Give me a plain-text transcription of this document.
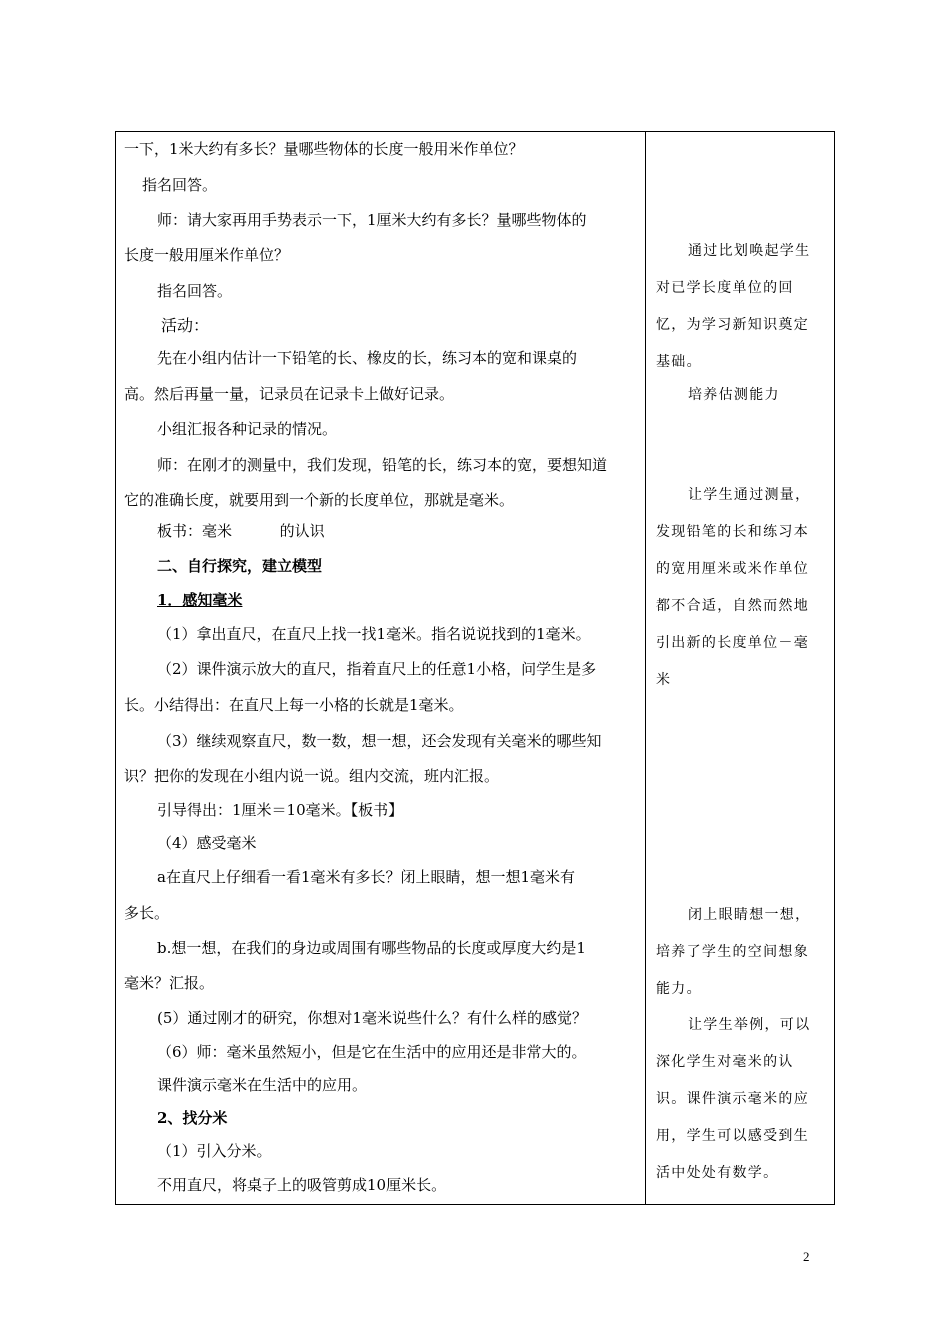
一下，1米大约有多长？量哪些物体的长度一般用米作单位？
指名回答。
师：请大家再用手势表示一下，1厘米大约有多长？量哪些物体的
长度一般用厘米作单位？
指名回答。
活动：
先在小组内估计一下铅笔的长、橡皮的长，练习本的宽和课桌的
高。然后再量一量，记录员在记录卡上做好记录。
小组汇报各种记录的情况。
师：在刚才的测量中，我们发现，铅笔的长，练习本的宽，要想知道
它的准确长度，就要用到一个新的长度单位，那就是毫米。
板书：毫米          的认识
二、自行探究，建立模型
1．感知毫米
（1）拿出直尺，在直尺上找一找1毫米。指名说说找到的1毫米。
（2）课件演示放大的直尺，指着直尺上的任意1小格，问学生是多
长。小结得出：在直尺上每一小格的长就是1毫米。
（3）继续观察直尺，数一数，想一想，还会发现有关毫米的哪些知
识？把你的发现在小组内说一说。组内交流，班内汇报。
引导得出：1厘米＝10毫米。【板书】
（4）感受毫米
a在直尺上仔细看一看1毫米有多长？闭上眼睛，想一想1毫米有
多长。
b.想一想，在我们的身边或周围有哪些物品的长度或厚度大约是1
毫米？汇报。
(5）通过刚才的研究，你想对1毫米说些什么？有什么样的感觉？
（6）师：毫米虽然短小，但是它在生活中的应用还是非常大的。
课件演示毫米在生活中的应用。
2、找分米
（1）引入分米。
不用直尺，将桌子上的吸管剪成10厘米长。
通过比划唤起学生
对已学长度单位的回
忆，为学习新知识奠定
基础。
培养估测能力
让学生通过测量，
发现铅笔的长和练习本
的宽用厘米或米作单位
都不合适，自然而然地
引出新的长度单位－毫
米
闭上眼睛想一想，
培养了学生的空间想象
能力。
让学生举例，可以
深化学生对毫米的认
识。课件演示毫米的应
用，学生可以感受到生
活中处处有数学。
2
